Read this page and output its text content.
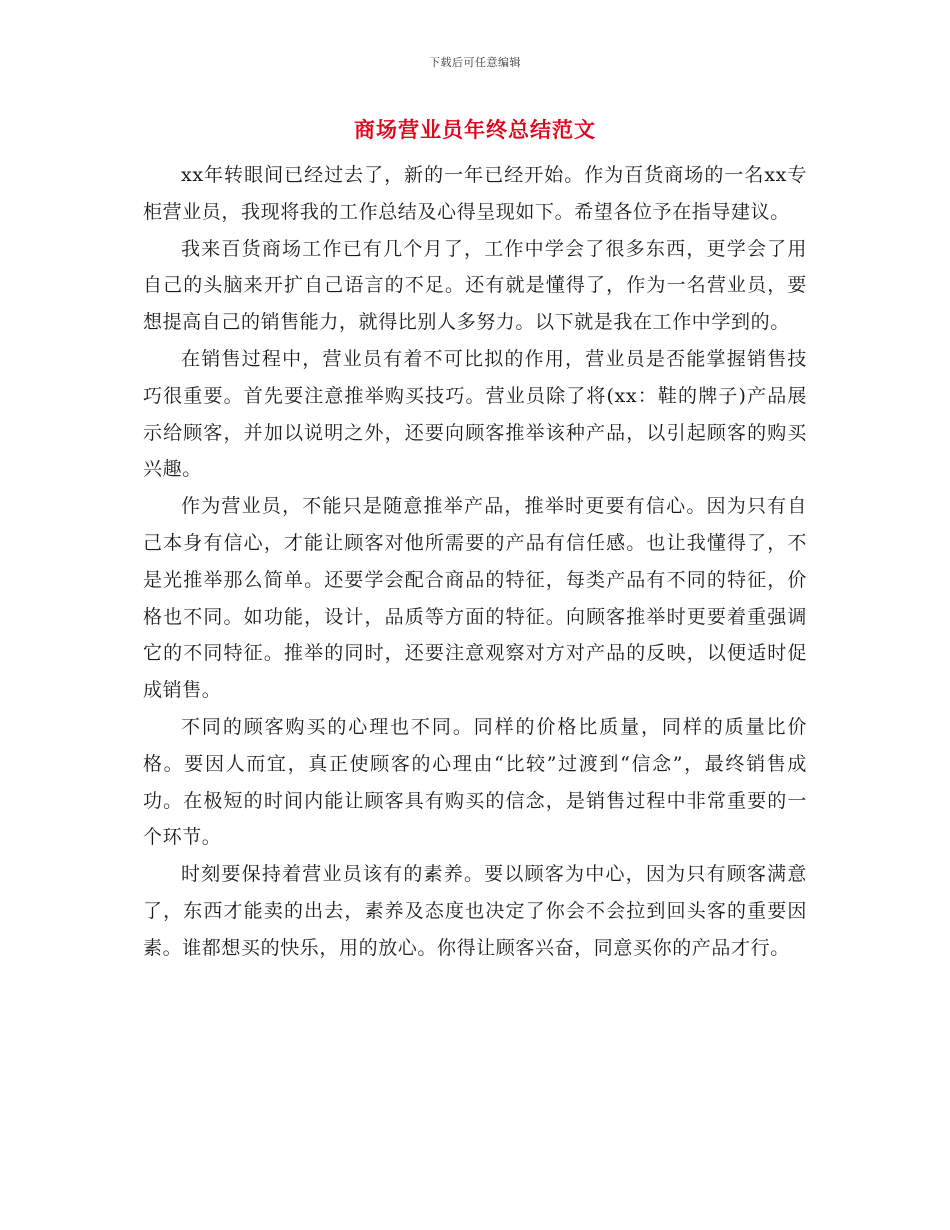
下载后可任意编辑
商场营业员年终总结范文

xx年转眼间已经过去了，新的一年已经开始。作为百货商场的一名xx专柜营业员，我现将我的工作总结及心得呈现如下。希望各位予在指导建议。

我来百货商场工作已有几个月了，工作中学会了很多东西，更学会了用自己的头脑来开扩自己语言的不足。还有就是懂得了，作为一名营业员，要想提高自己的销售能力，就得比别人多努力。以下就是我在工作中学到的。

在销售过程中，营业员有着不可比拟的作用，营业员是否能掌握销售技巧很重要。首先要注意推举购买技巧。营业员除了将(xx：鞋的牌子)产品展示给顾客，并加以说明之外，还要向顾客推举该种产品，以引起顾客的购买兴趣。

作为营业员，不能只是随意推举产品，推举时更要有信心。因为只有自己本身有信心，才能让顾客对他所需要的产品有信任感。也让我懂得了，不是光推举那么简单。还要学会配合商品的特征，每类产品有不同的特征，价格也不同。如功能，设计，品质等方面的特征。向顾客推举时更要着重强调它的不同特征。推举的同时，还要注意观察对方对产品的反映，以便适时促成销售。

不同的顾客购买的心理也不同。同样的价格比质量，同样的质量比价格。要因人而宜，真正使顾客的心理由“比较”过渡到“信念”，最终销售成功。在极短的时间内能让顾客具有购买的信念，是销售过程中非常重要的一个环节。

时刻要保持着营业员该有的素养。要以顾客为中心，因为只有顾客满意了，东西才能卖的出去，素养及态度也决定了你会不会拉到回头客的重要因素。谁都想买的快乐，用的放心。你得让顾客兴奋，同意买你的产品才行。
